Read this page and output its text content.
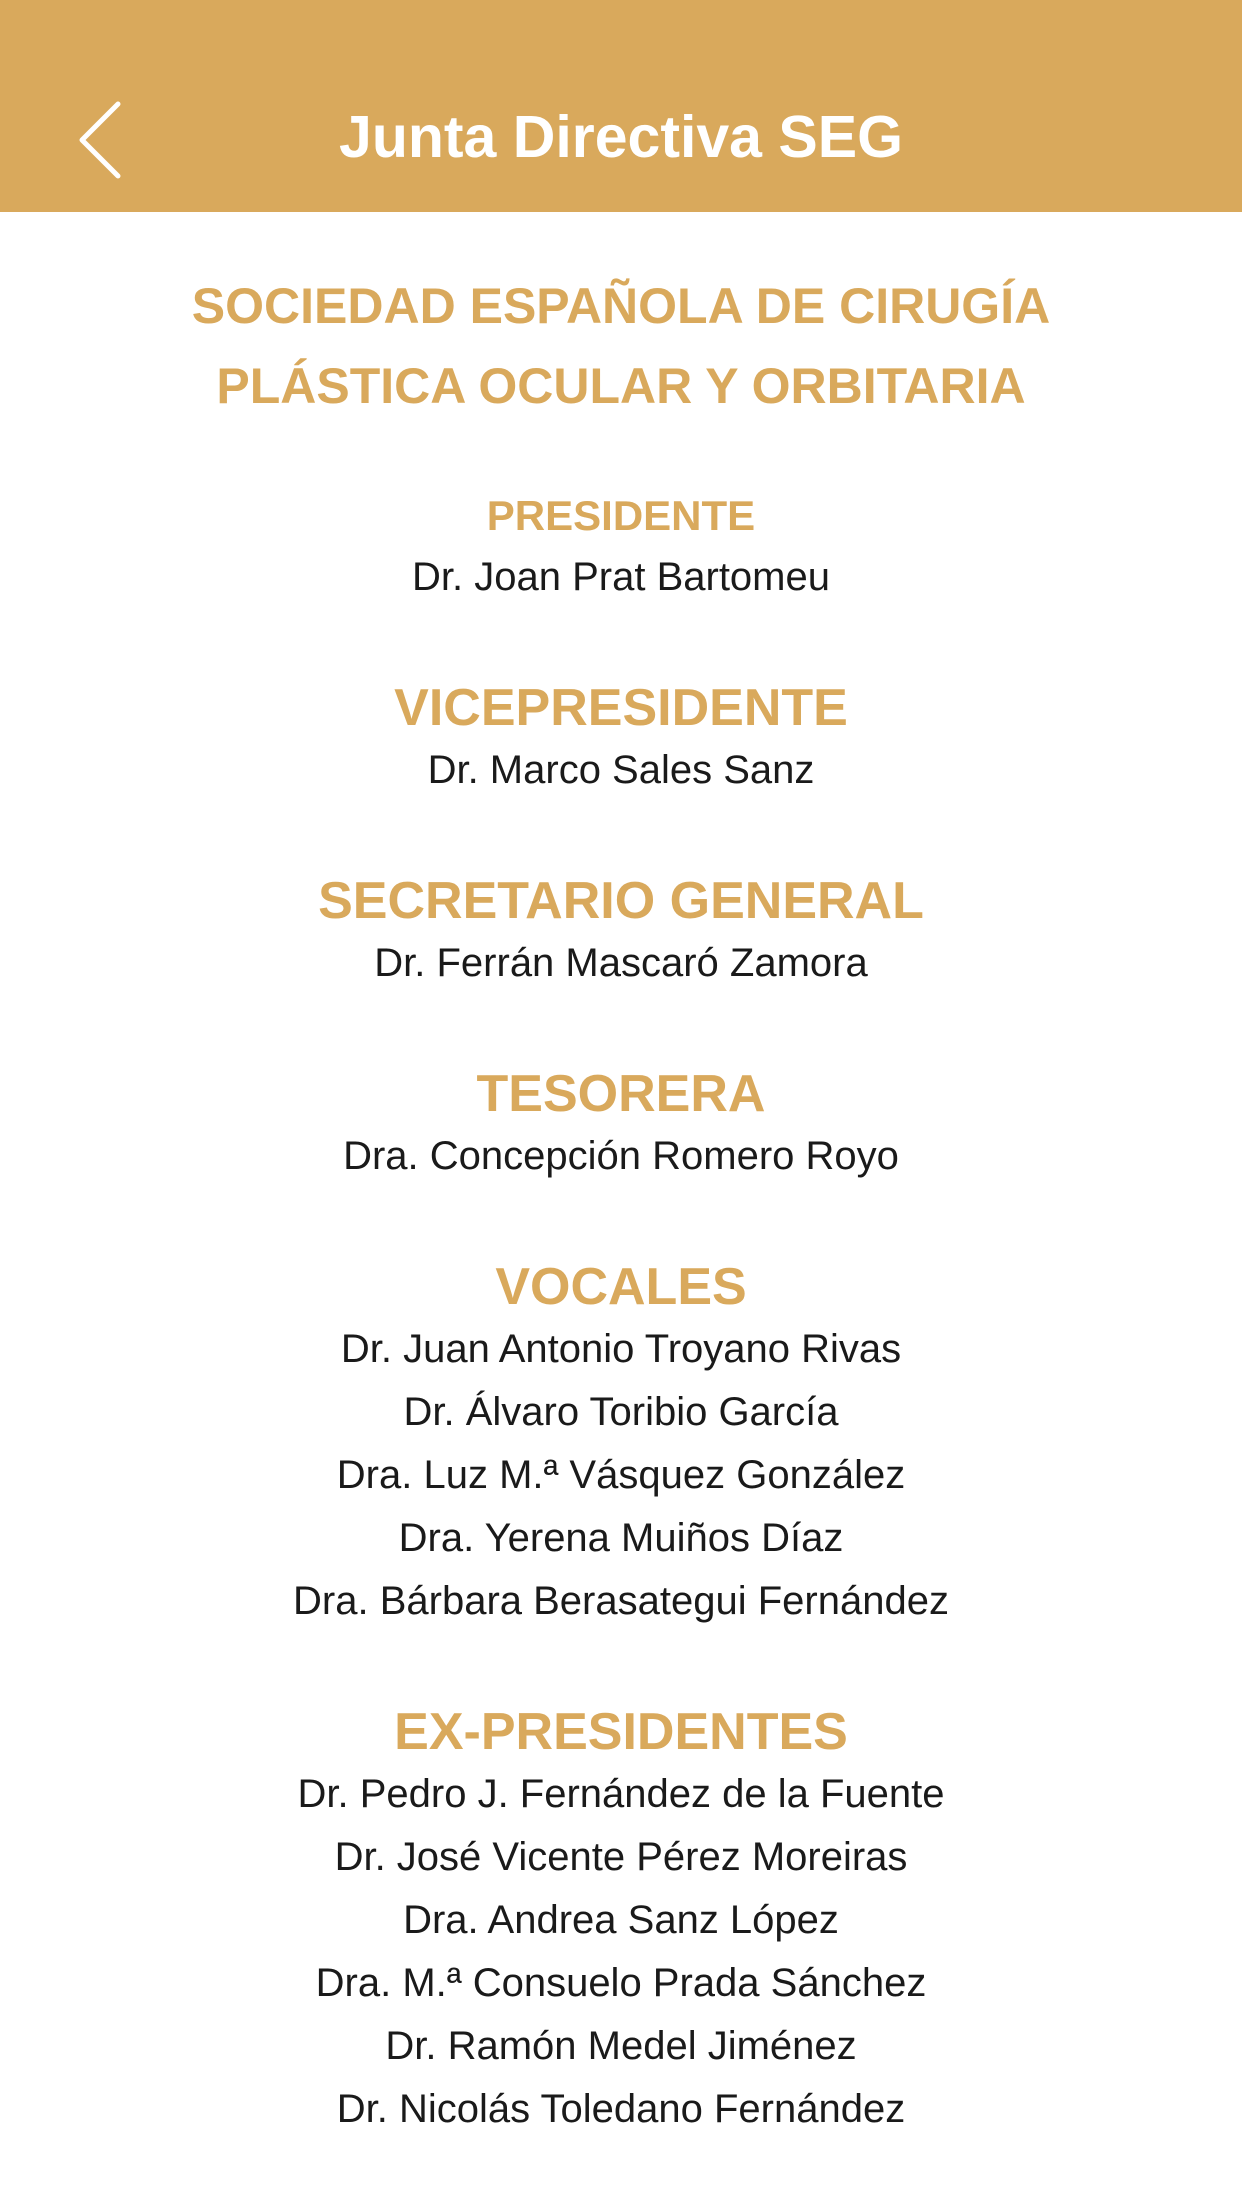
Junta Directiva SEG
SOCIEDAD ESPAÑOLA DE CIRUGÍA
PLÁSTICA OCULAR Y ORBITARIA
PRESIDENTE
Dr. Joan Prat Bartomeu
VICEPRESIDENTE
Dr. Marco Sales Sanz
SECRETARIO GENERAL
Dr. Ferrán Mascaró Zamora
TESORERA
Dra. Concepción Romero Royo
VOCALES
Dr. Juan Antonio Troyano Rivas
Dr. Álvaro Toribio García
Dra. Luz M.ª Vásquez González
Dra. Yerena Muiños Díaz
Dra. Bárbara Berasategui Fernández
EX-PRESIDENTES
Dr. Pedro J. Fernández de la Fuente
Dr. José Vicente Pérez Moreiras
Dra. Andrea Sanz López
Dra. M.ª Consuelo Prada Sánchez
Dr. Ramón Medel Jiménez
Dr. Nicolás Toledano Fernández
